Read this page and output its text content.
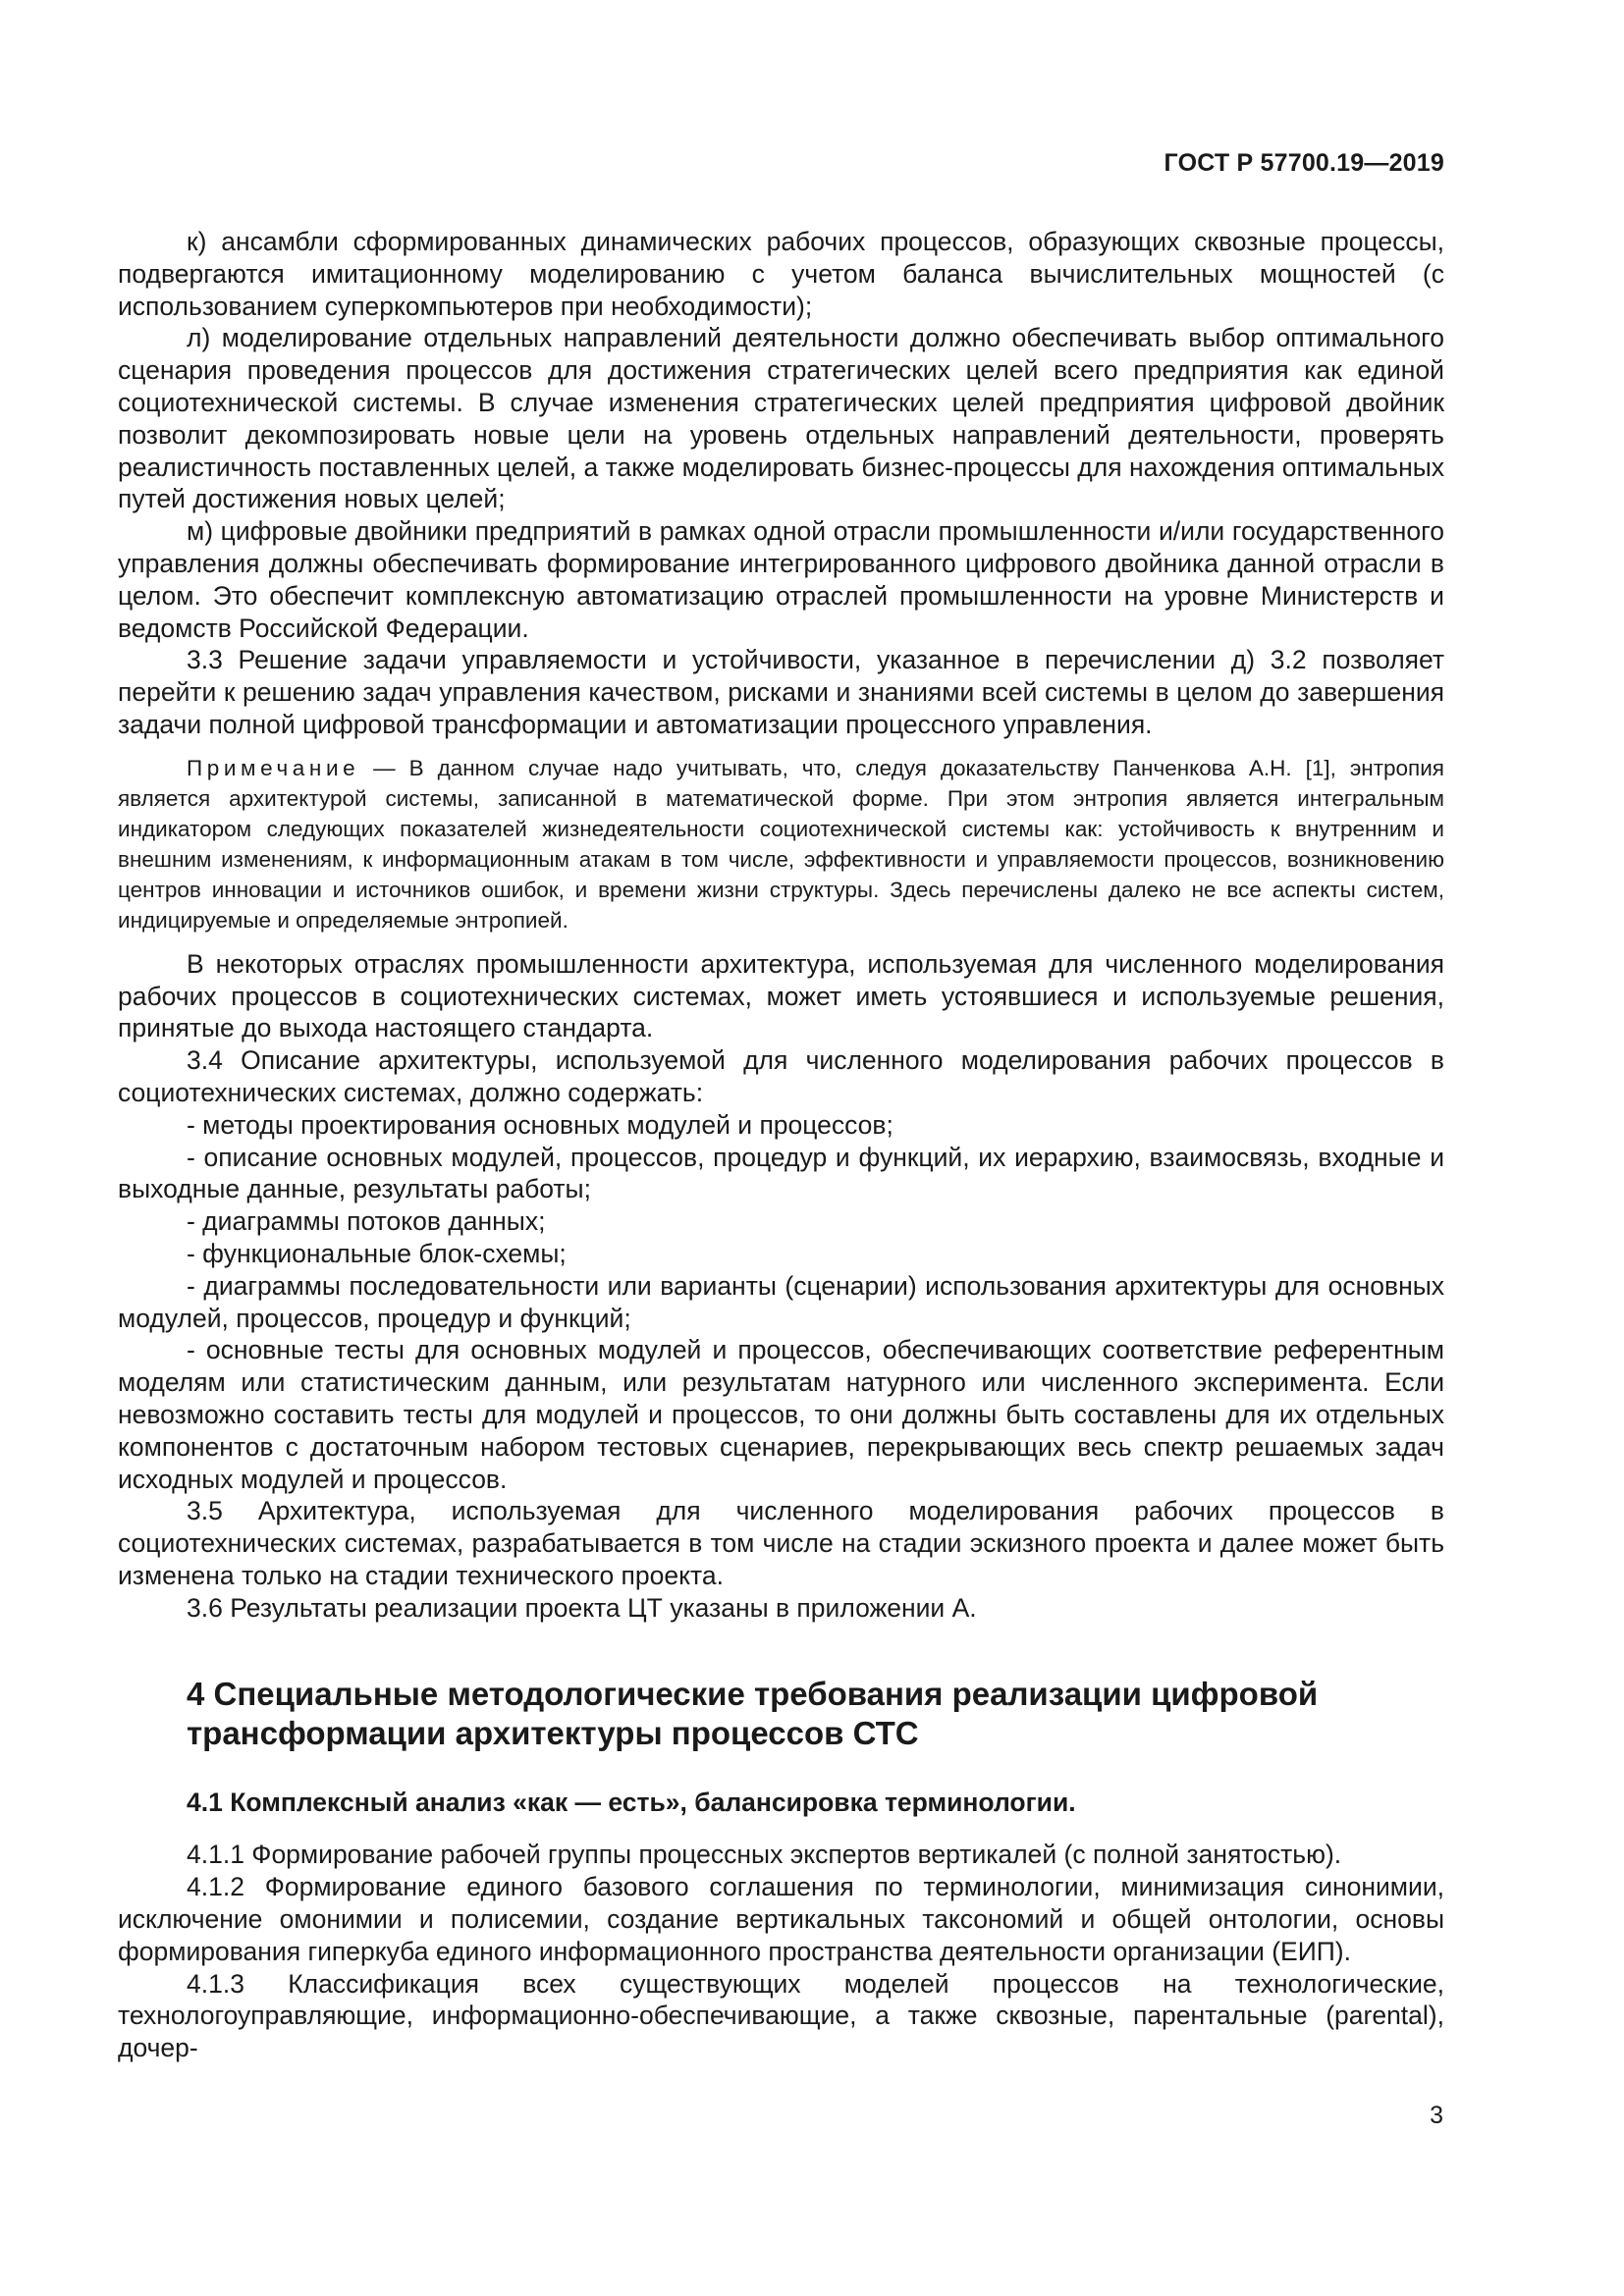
ГОСТ Р 57700.19—2019

к) ансамбли сформированных динамических рабочих процессов, образующих сквозные процессы, подвергаются имитационному моделированию с учетом баланса вычислительных мощностей (с использованием суперкомпьютеров при необходимости);

л) моделирование отдельных направлений деятельности должно обеспечивать выбор оптимального сценария проведения процессов для достижения стратегических целей всего предприятия как единой социотехнической системы. В случае изменения стратегических целей предприятия цифровой двойник позволит декомпозировать новые цели на уровень отдельных направлений деятельности, проверять реалистичность поставленных целей, а также моделировать бизнес-процессы для нахождения оптимальных путей достижения новых целей;

м) цифровые двойники предприятий в рамках одной отрасли промышленности и/или государственного управления должны обеспечивать формирование интегрированного цифрового двойника данной отрасли в целом. Это обеспечит комплексную автоматизацию отраслей промышленности на уровне Министерств и ведомств Российской Федерации.

3.3 Решение задачи управляемости и устойчивости, указанное в перечислении д) 3.2 позволяет перейти к решению задач управления качеством, рисками и знаниями всей системы в целом до завершения задачи полной цифровой трансформации и автоматизации процессного управления.

Примечание — В данном случае надо учитывать, что, следуя доказательству Панченкова А.Н. [1], энтропия является архитектурой системы, записанной в математической форме. При этом энтропия является интегральным индикатором следующих показателей жизнедеятельности социотехнической системы как: устойчивость к внутренним и внешним изменениям, к информационным атакам в том числе, эффективности и управляемости процессов, возникновению центров инновации и источников ошибок, и времени жизни структуры. Здесь перечислены далеко не все аспекты систем, индицируемые и определяемые энтропией.

В некоторых отраслях промышленности архитектура, используемая для численного моделирования рабочих процессов в социотехнических системах, может иметь устоявшиеся и используемые решения, принятые до выхода настоящего стандарта.

3.4 Описание архитектуры, используемой для численного моделирования рабочих процессов в социотехнических системах, должно содержать:

- методы проектирования основных модулей и процессов;

- описание основных модулей, процессов, процедур и функций, их иерархию, взаимосвязь, входные и выходные данные, результаты работы;

- диаграммы потоков данных;

- функциональные блок-схемы;

- диаграммы последовательности или варианты (сценарии) использования архитектуры для основных модулей, процессов, процедур и функций;

- основные тесты для основных модулей и процессов, обеспечивающих соответствие референтным моделям или статистическим данным, или результатам натурного или численного эксперимента. Если невозможно составить тесты для модулей и процессов, то они должны быть составлены для их отдельных компонентов с достаточным набором тестовых сценариев, перекрывающих весь спектр решаемых задач исходных модулей и процессов.

3.5 Архитектура, используемая для численного моделирования рабочих процессов в социотехнических системах, разрабатывается в том числе на стадии эскизного проекта и далее может быть изменена только на стадии технического проекта.

3.6 Результаты реализации проекта ЦТ указаны в приложении А.

4 Специальные методологические требования реализации цифровой
трансформации архитектуры процессов СТС
4.1 Комплексный анализ «как — есть», балансировка терминологии.

4.1.1 Формирование рабочей группы процессных экспертов вертикалей (с полной занятостью).

4.1.2 Формирование единого базового соглашения по терминологии, минимизация синонимии, исключение омонимии и полисемии, создание вертикальных таксономий и общей онтологии, основы формирования гиперкуба единого информационного пространства деятельности организации (ЕИП).

4.1.3 Классификация всех существующих моделей процессов на технологические, технологоуправляющие, информационно-обеспечивающие, а также сквозные, парентальные (parental), дочер-

3
